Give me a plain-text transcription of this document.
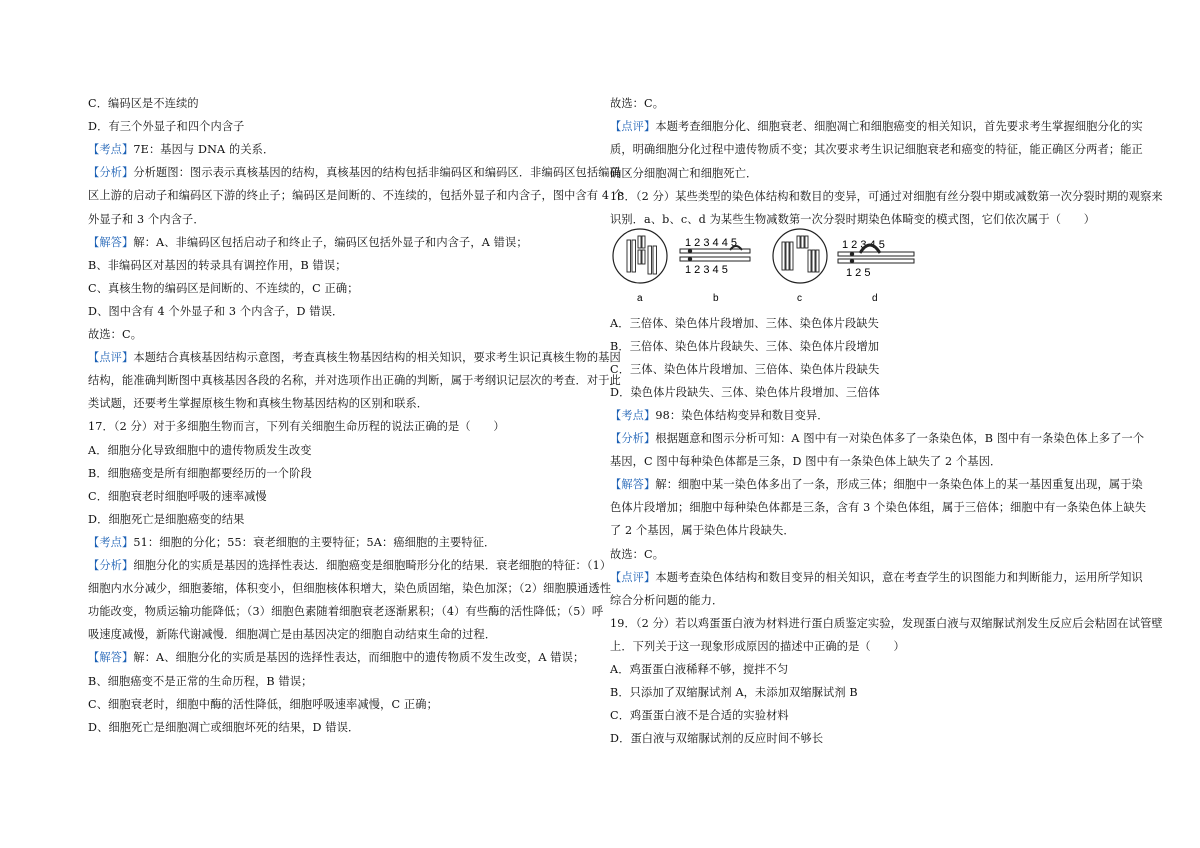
C．编码区是不连续的
D．有三个外显子和四个内含子
【考点】7E：基因与 DNA 的关系．
【分析】分析题图：图示表示真核基因的结构，真核基因的结构包括非编码区和编码区．非编码区包括编码
区上游的启动子和编码区下游的终止子；编码区是间断的、不连续的，包括外显子和内含子，图中含有 4 个
外显子和 3 个内含子．
【解答】解：A、非编码区包括启动子和终止子，编码区包括外显子和内含子，A 错误；
B、非编码区对基因的转录具有调控作用，B 错误；
C、真核生物的编码区是间断的、不连续的，C 正确；
D、图中含有 4 个外显子和 3 个内含子，D 错误．
故选：C。
【点评】本题结合真核基因结构示意图，考查真核生物基因结构的相关知识，要求考生识记真核生物的基因
结构，能准确判断图中真核基因各段的名称，并对选项作出正确的判断，属于考纲识记层次的考查．对于此
类试题，还要考生掌握原核生物和真核生物基因结构的区别和联系．
17．（2 分）对于多细胞生物而言，下列有关细胞生命历程的说法正确的是（　　）
A．细胞分化导致细胞中的遗传物质发生改变
B．细胞癌变是所有细胞都要经历的一个阶段
C．细胞衰老时细胞呼吸的速率减慢
D．细胞死亡是细胞癌变的结果
【考点】51：细胞的分化；55：衰老细胞的主要特征；5A：癌细胞的主要特征．
【分析】细胞分化的实质是基因的选择性表达．细胞癌变是细胞畸形分化的结果．衰老细胞的特征：（1）
细胞内水分减少，细胞萎缩，体积变小，但细胞核体积增大，染色质固缩，染色加深；（2）细胞膜通透性
功能改变，物质运输功能降低；（3）细胞色素随着细胞衰老逐渐累积；（4）有些酶的活性降低；（5）呼
吸速度减慢，新陈代谢减慢．细胞凋亡是由基因决定的细胞自动结束生命的过程．
【解答】解：A、细胞分化的实质是基因的选择性表达，而细胞中的遗传物质不发生改变，A 错误；
B、细胞癌变不是正常的生命历程，B 错误；
C、细胞衰老时，细胞中酶的活性降低，细胞呼吸速率减慢，C 正确；
D、细胞死亡是细胞凋亡或细胞坏死的结果，D 错误．
故选：C。
【点评】本题考查细胞分化、细胞衰老、细胞凋亡和细胞癌变的相关知识，首先要求考生掌握细胞分化的实
质，明确细胞分化过程中遗传物质不变；其次要求考生识记细胞衰老和癌变的特征，能正确区分两者；能正
确区分细胞凋亡和细胞死亡．
18．（2 分）某些类型的染色体结构和数目的变异，可通过对细胞有丝分裂中期或减数第一次分裂时期的观察来
识别．a、b、c、d 为某些生物减数第一次分裂时期染色体畸变的模式图，它们依次属于（　　）
a
1 2 3 4 4 5
1 2 3 4 5
b	c
1 2 3 4 5
1 2 5
d
A．三倍体、染色体片段增加、三体、染色体片段缺失
B．三倍体、染色体片段缺失、三体、染色体片段增加
C．三体、染色体片段增加、三倍体、染色体片段缺失
D．染色体片段缺失、三体、染色体片段增加、三倍体
【考点】98：染色体结构变异和数目变异．
【分析】根据题意和图示分析可知：A 图中有一对染色体多了一条染色体，B 图中有一条染色体上多了一个
基因，C 图中每种染色体都是三条，D 图中有一条染色体上缺失了 2 个基因．
【解答】解：细胞中某一染色体多出了一条，形成三体；细胞中一条染色体上的某一基因重复出现，属于染
色体片段增加；细胞中每种染色体都是三条，含有 3 个染色体组，属于三倍体；细胞中有一条染色体上缺失
了 2 个基因，属于染色体片段缺失．
故选：C。
【点评】本题考查染色体结构和数目变异的相关知识，意在考查学生的识图能力和判断能力，运用所学知识
综合分析问题的能力．
19．（2 分）若以鸡蛋蛋白液为材料进行蛋白质鉴定实验，发现蛋白液与双缩脲试剂发生反应后会粘固在试管壁
上．下列关于这一现象形成原因的描述中正确的是（　　）
A．鸡蛋蛋白液稀释不够，搅拌不匀
B．只添加了双缩脲试剂 A，未添加双缩脲试剂 B
C．鸡蛋蛋白液不是合适的实验材料
D．蛋白液与双缩脲试剂的反应时间不够长
